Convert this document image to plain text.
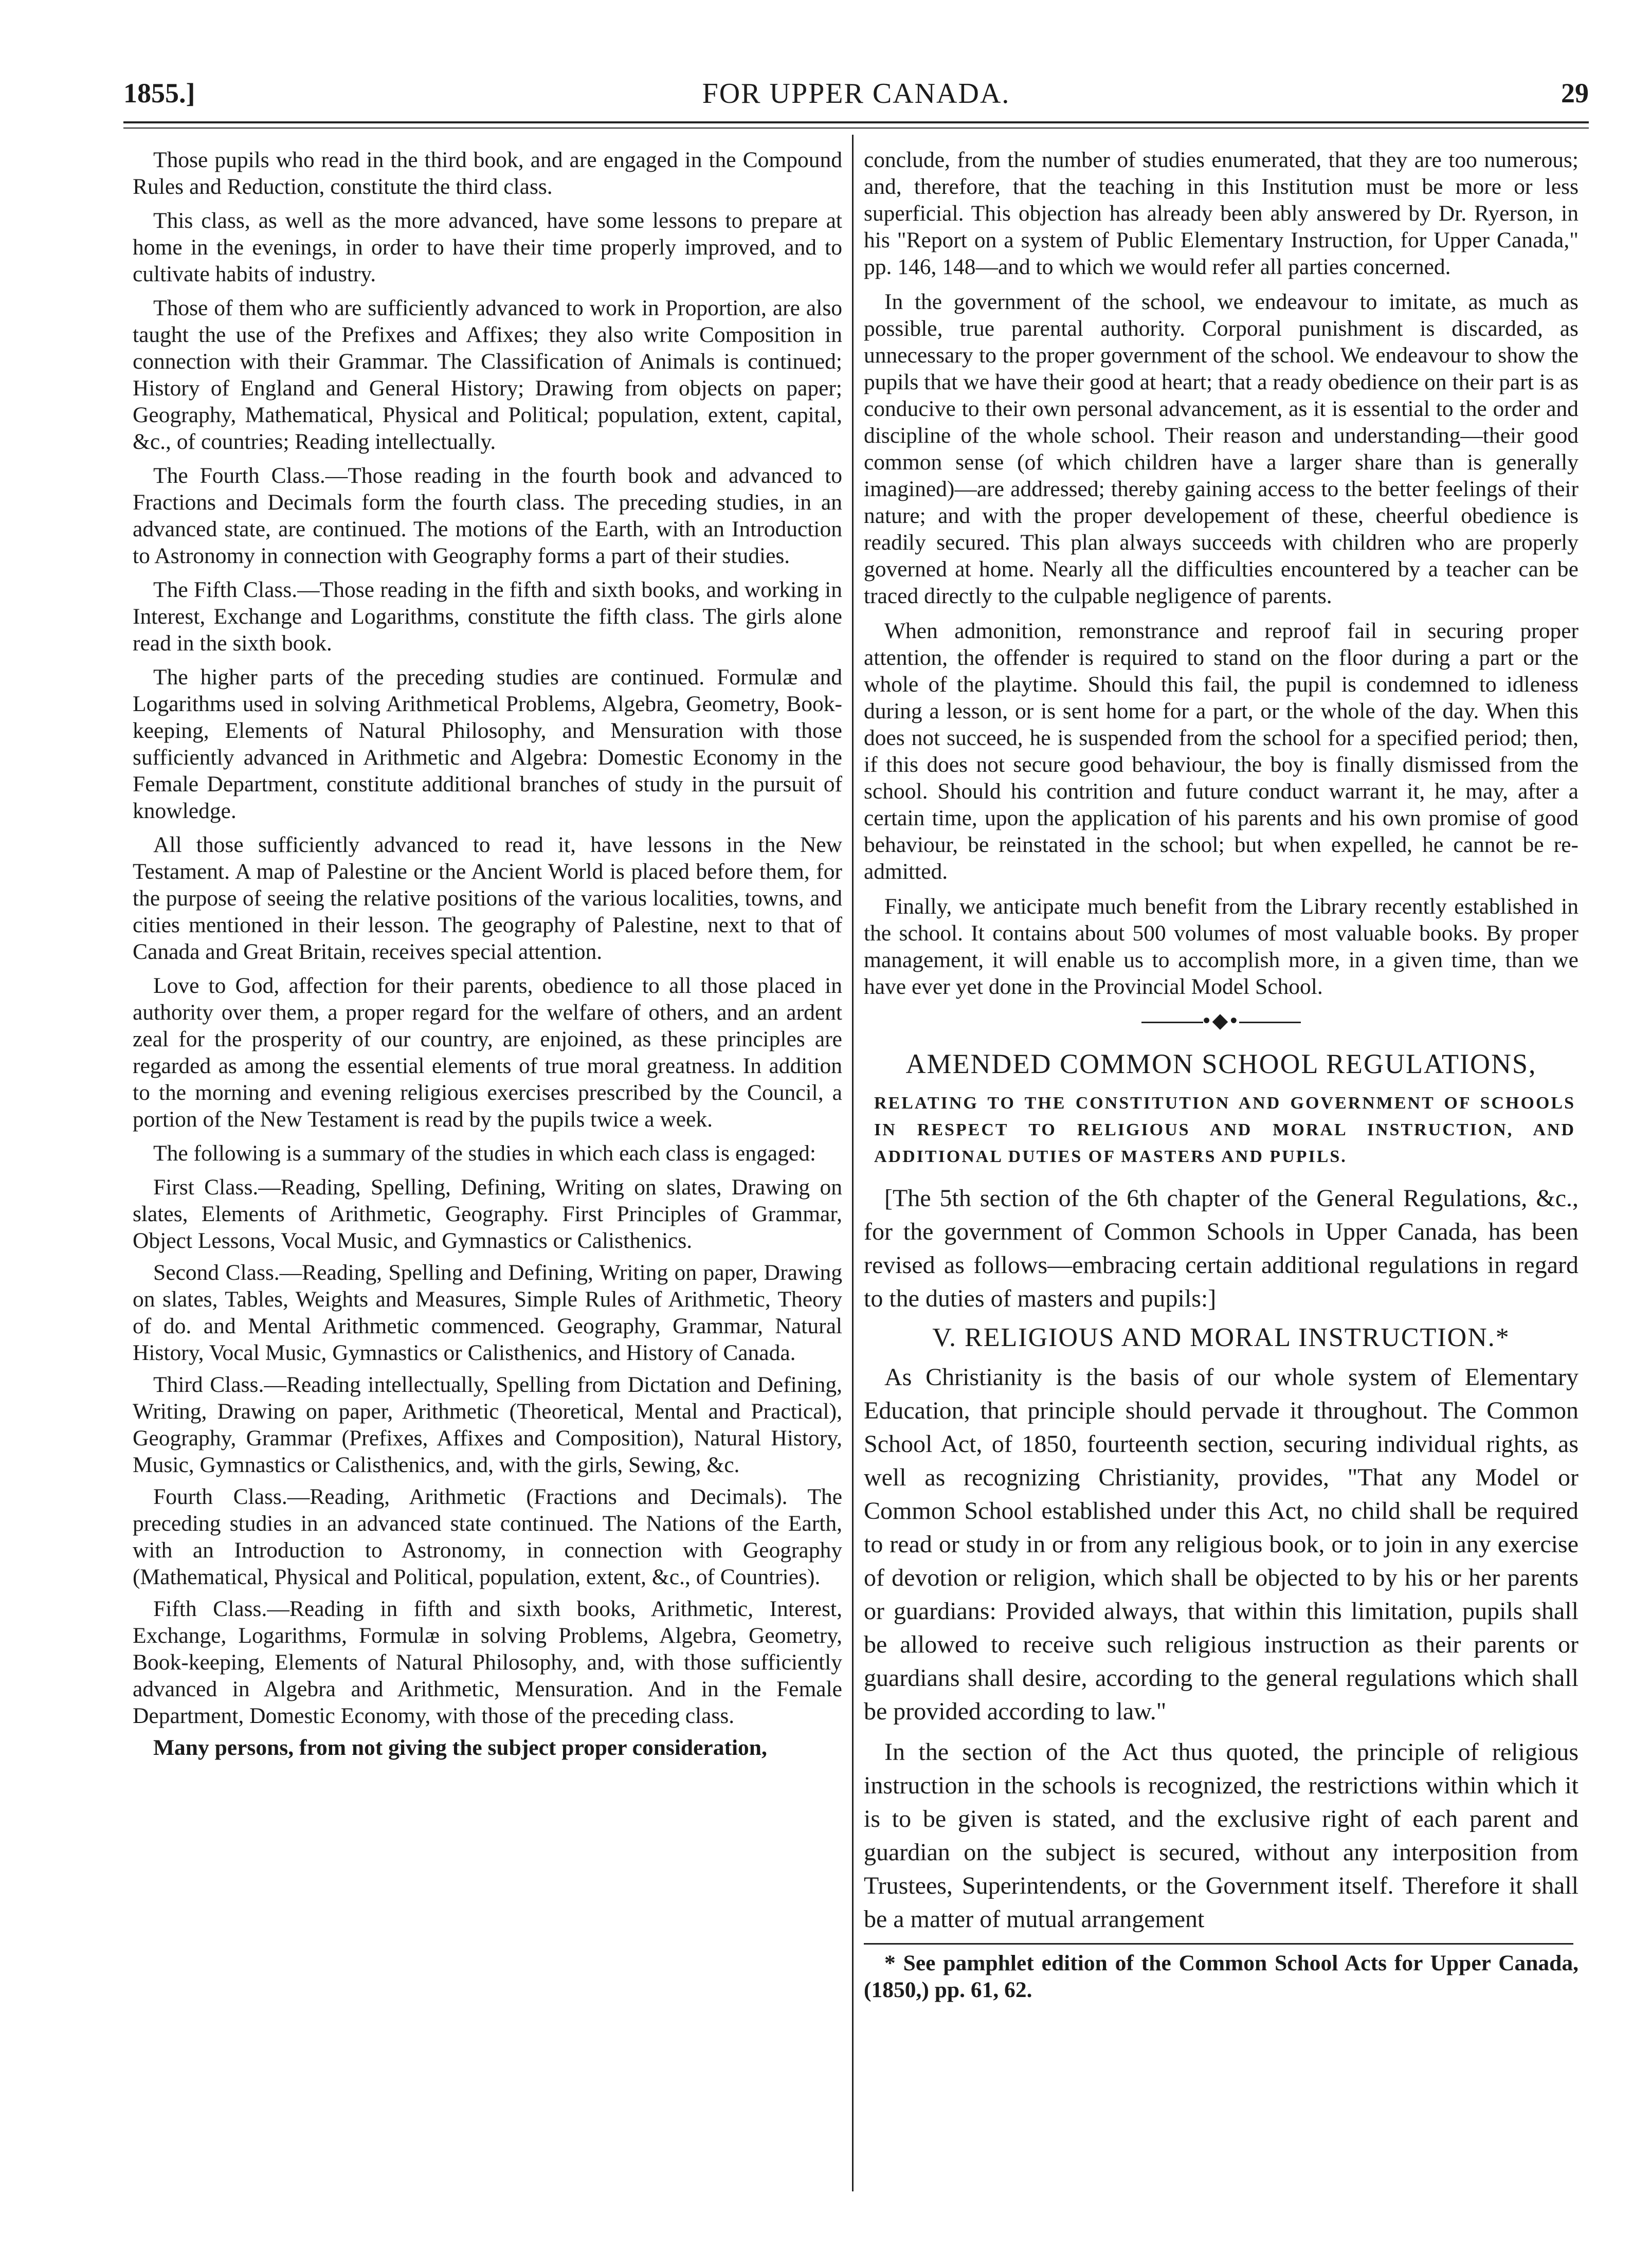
1855.]	FOR UPPER CANADA.	29

Those pupils who read in the third book, and are engaged in the Compound Rules and Reduction, constitute the third class.

This class, as well as the more advanced, have some lessons to prepare at home in the evenings, in order to have their time properly improved, and to cultivate habits of industry.

Those of them who are sufficiently advanced to work in Proportion, are also taught the use of the Prefixes and Affixes; they also write Composition in connection with their Grammar. The Classification of Animals is continued; History of England and General History; Drawing from objects on paper; Geography, Mathematical, Physical and Political; population, extent, capital, &c., of countries; Reading intellectually.

The Fourth Class.—Those reading in the fourth book and advanced to Fractions and Decimals form the fourth class. The preceding studies, in an advanced state, are continued. The motions of the Earth, with an Introduction to Astronomy in connection with Geography forms a part of their studies.

The Fifth Class.—Those reading in the fifth and sixth books, and working in Interest, Exchange and Logarithms, constitute the fifth class. The girls alone read in the sixth book.

The higher parts of the preceding studies are continued. Formulæ and Logarithms used in solving Arithmetical Problems, Algebra, Geometry, Book-keeping, Elements of Natural Philosophy, and Mensuration with those sufficiently advanced in Arithmetic and Algebra: Domestic Economy in the Female Department, constitute additional branches of study in the pursuit of knowledge.

All those sufficiently advanced to read it, have lessons in the New Testament. A map of Palestine or the Ancient World is placed before them, for the purpose of seeing the relative positions of the various localities, towns, and cities mentioned in their lesson. The geography of Palestine, next to that of Canada and Great Britain, receives special attention.

Love to God, affection for their parents, obedience to all those placed in authority over them, a proper regard for the welfare of others, and an ardent zeal for the prosperity of our country, are enjoined, as these principles are regarded as among the essential elements of true moral greatness. In addition to the morning and evening religious exercises prescribed by the Council, a portion of the New Testament is read by the pupils twice a week.

The following is a summary of the studies in which each class is engaged:

First Class.—Reading, Spelling, Defining, Writing on slates, Drawing on slates, Elements of Arithmetic, Geography. First Principles of Grammar, Object Lessons, Vocal Music, and Gymnastics or Calisthenics.

Second Class.—Reading, Spelling and Defining, Writing on paper, Drawing on slates, Tables, Weights and Measures, Simple Rules of Arithmetic, Theory of do. and Mental Arithmetic commenced. Geography, Grammar, Natural History, Vocal Music, Gymnastics or Calisthenics, and History of Canada.

Third Class.—Reading intellectually, Spelling from Dictation and Defining, Writing, Drawing on paper, Arithmetic (Theoretical, Mental and Practical), Geography, Grammar (Prefixes, Affixes and Composition), Natural History, Music, Gymnastics or Calisthenics, and, with the girls, Sewing, &c.

Fourth Class.—Reading, Arithmetic (Fractions and Decimals). The preceding studies in an advanced state continued. The Nations of the Earth, with an Introduction to Astronomy, in connection with Geography (Mathematical, Physical and Political, population, extent, &c., of Countries).

Fifth Class.—Reading in fifth and sixth books, Arithmetic, Interest, Exchange, Logarithms, Formulæ in solving Problems, Algebra, Geometry, Book-keeping, Elements of Natural Philosophy, and, with those sufficiently advanced in Algebra and Arithmetic, Mensuration. And in the Female Department, Domestic Economy, with those of the preceding class.

Many persons, from not giving the subject proper consideration,

conclude, from the number of studies enumerated, that they are too numerous; and, therefore, that the teaching in this Institution must be more or less superficial. This objection has already been ably answered by Dr. Ryerson, in his "Report on a system of Public Elementary Instruction, for Upper Canada," pp. 146, 148—and to which we would refer all parties concerned.

In the government of the school, we endeavour to imitate, as much as possible, true parental authority. Corporal punishment is discarded, as unnecessary to the proper government of the school. We endeavour to show the pupils that we have their good at heart; that a ready obedience on their part is as conducive to their own personal advancement, as it is essential to the order and discipline of the whole school. Their reason and understanding—their good common sense (of which children have a larger share than is generally imagined)—are addressed; thereby gaining access to the better feelings of their nature; and with the proper developement of these, cheerful obedience is readily secured. This plan always succeeds with children who are properly governed at home. Nearly all the difficulties encountered by a teacher can be traced directly to the culpable negligence of parents.

When admonition, remonstrance and reproof fail in securing proper attention, the offender is required to stand on the floor during a part or the whole of the playtime. Should this fail, the pupil is condemned to idleness during a lesson, or is sent home for a part, or the whole of the day. When this does not succeed, he is suspended from the school for a specified period; then, if this does not secure good behaviour, the boy is finally dismissed from the school. Should his contrition and future conduct warrant it, he may, after a certain time, upon the application of his parents and his own promise of good behaviour, be reinstated in the school; but when expelled, he cannot be re-admitted.

Finally, we anticipate much benefit from the Library recently established in the school. It contains about 500 volumes of most valuable books. By proper management, it will enable us to accomplish more, in a given time, than we have ever yet done in the Provincial Model School.

•◆•
AMENDED COMMON SCHOOL REGULATIONS,
RELATING TO THE CONSTITUTION AND GOVERNMENT OF SCHOOLS IN RESPECT TO RELIGIOUS AND MORAL INSTRUCTION, AND ADDITIONAL DUTIES OF MASTERS AND PUPILS.

[The 5th section of the 6th chapter of the General Regulations, &c., for the government of Common Schools in Upper Canada, has been revised as follows—embracing certain additional regulations in regard to the duties of masters and pupils:]

V. RELIGIOUS AND MORAL INSTRUCTION.*

As Christianity is the basis of our whole system of Elementary Education, that principle should pervade it throughout. The Common School Act, of 1850, fourteenth section, securing individual rights, as well as recognizing Christianity, provides, "That any Model or Common School established under this Act, no child shall be required to read or study in or from any religious book, or to join in any exercise of devotion or religion, which shall be objected to by his or her parents or guardians: Provided always, that within this limitation, pupils shall be allowed to receive such religious instruction as their parents or guardians shall desire, according to the general regulations which shall be provided according to law."

In the section of the Act thus quoted, the principle of religious instruction in the schools is recognized, the restrictions within which it is to be given is stated, and the exclusive right of each parent and guardian on the subject is secured, without any interposition from Trustees, Superintendents, or the Government itself. Therefore it shall be a matter of mutual arrangement

* See pamphlet edition of the Common School Acts for Upper Canada, (1850,) pp. 61, 62.
